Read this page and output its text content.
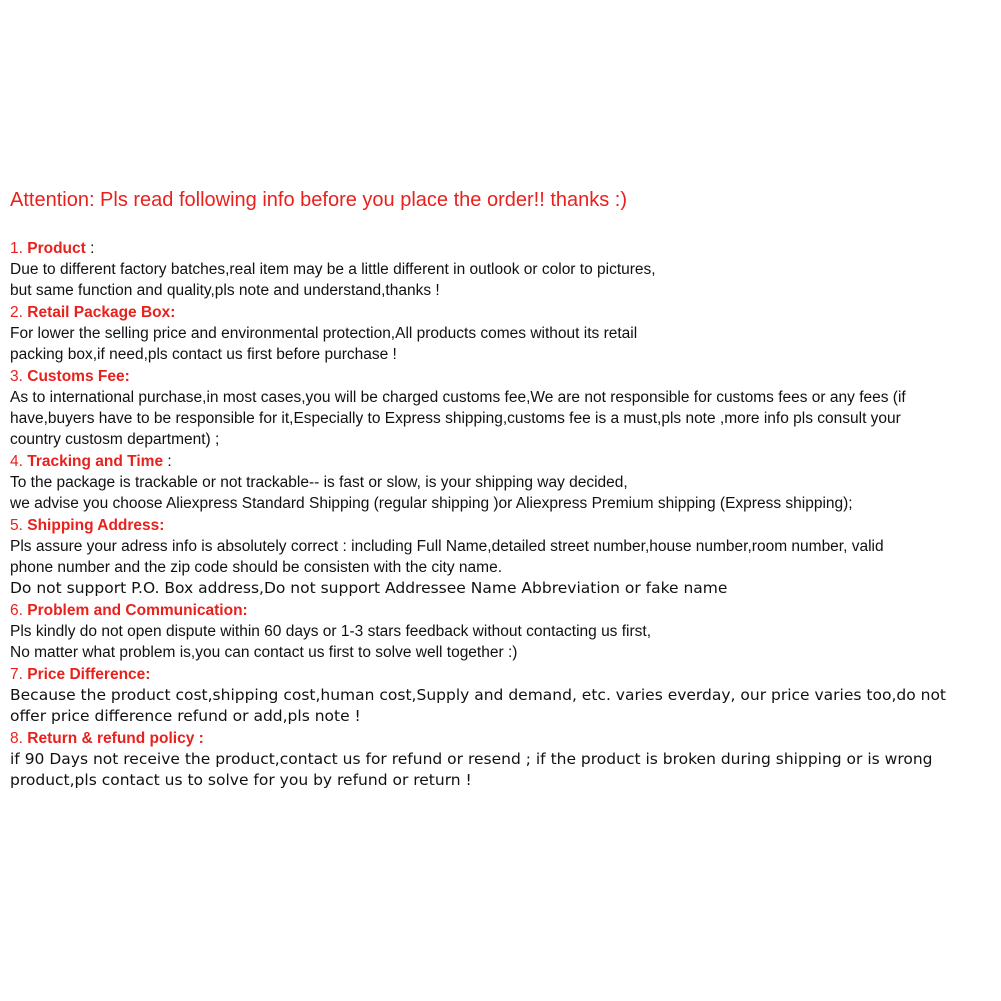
Attention: Pls read following info before you place the order!! thanks :)

1. Product :

Due to different factory batches,real item may be a little different in outlook or color to pictures,

but same function and quality,pls note and understand,thanks !

2. Retail Package Box:

For lower the selling price and environmental protection,All products comes without its retail

packing box,if need,pls contact us first before purchase !

3. Customs Fee:

As to international purchase,in most cases,you will be charged customs fee,We are not responsible for customs fees or any fees (if

have,buyers have to be responsible for it,Especially to Express shipping,customs fee is a must,pls note ,more info pls consult your

country custosm department) ;

4. Tracking and Time :

To the package is trackable or not trackable-- is fast or slow, is your shipping way decided,

we advise you choose Aliexpress Standard Shipping (regular shipping )or Aliexpress Premium shipping (Express shipping);

5. Shipping Address:

Pls assure your adress info is absolutely correct : including Full Name,detailed street number,house number,room number, valid

phone number and the zip code should be consisten with the city name.

Do not support P.O. Box address,Do not support Addressee Name Abbreviation or fake name

6. Problem and Communication:

Pls kindly do not open dispute within 60 days or 1-3 stars feedback without contacting us first,

No matter what problem is,you can contact us first to solve well together :)

7. Price Difference:

Because the product cost,shipping cost,human cost,Supply and demand, etc. varies everday, our price varies too,do not

offer price difference refund or add,pls note !

8. Return & refund policy :

if 90 Days not receive the product,contact us for refund or resend ; if the product is broken during shipping or is wrong

product,pls contact us to solve for you by refund or return !
